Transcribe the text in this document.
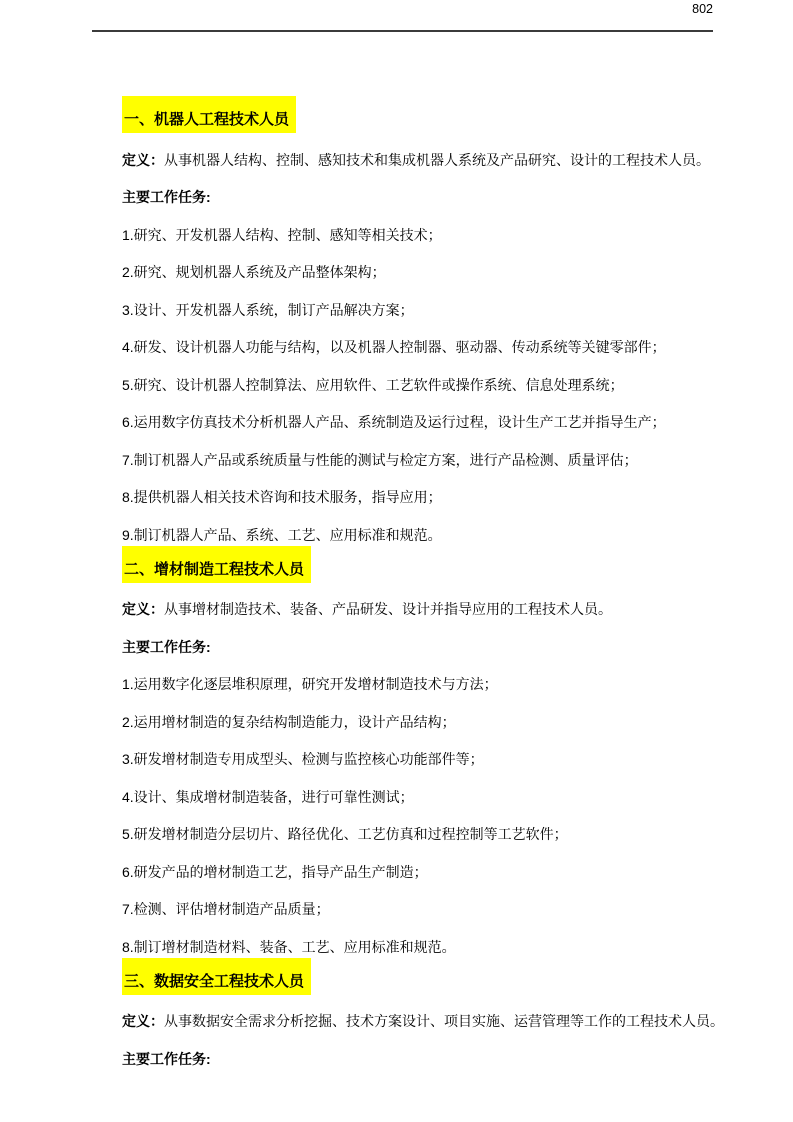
802

一、机器人工程技术人员

定义：从事机器人结构、控制、感知技术和集成机器人系统及产品研究、设计的工程技术人员。

主要工作任务:

1.研究、开发机器人结构、控制、感知等相关技术；

2.研究、规划机器人系统及产品整体架构；

3.设计、开发机器人系统，制订产品解决方案；

4.研发、设计机器人功能与结构，以及机器人控制器、驱动器、传动系统等关键零部件；

5.研究、设计机器人控制算法、应用软件、工艺软件或操作系统、信息处理系统；

6.运用数字仿真技术分析机器人产品、系统制造及运行过程，设计生产工艺并指导生产；

7.制订机器人产品或系统质量与性能的测试与检定方案，进行产品检测、质量评估；

8.提供机器人相关技术咨询和技术服务，指导应用；

9.制订机器人产品、系统、工艺、应用标准和规范。

二、增材制造工程技术人员

定义：从事增材制造技术、装备、产品研发、设计并指导应用的工程技术人员。

主要工作任务:

1.运用数字化逐层堆积原理，研究开发增材制造技术与方法；

2.运用增材制造的复杂结构制造能力，设计产品结构；

3.研发增材制造专用成型头、检测与监控核心功能部件等；

4.设计、集成增材制造装备，进行可靠性测试；

5.研发增材制造分层切片、路径优化、工艺仿真和过程控制等工艺软件；

6.研发产品的增材制造工艺，指导产品生产制造；

7.检测、评估增材制造产品质量；

8.制订增材制造材料、装备、工艺、应用标准和规范。

三、数据安全工程技术人员

定义：从事数据安全需求分析挖掘、技术方案设计、项目实施、运营管理等工作的工程技术人员。

主要工作任务:
